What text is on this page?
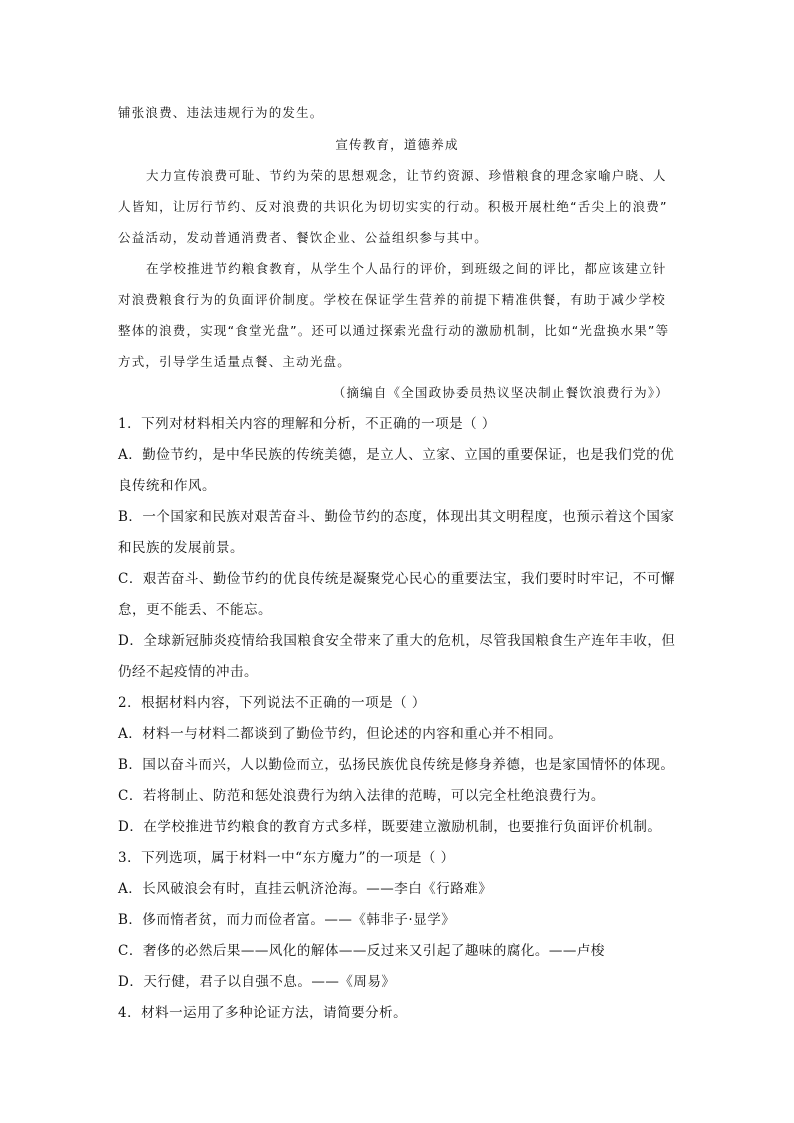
铺张浪费、违法违规行为的发生。
宣传教育，道德养成
大力宣传浪费可耻、节约为荣的思想观念，让节约资源、珍惜粮食的理念家喻户晓、人
人皆知，让厉行节约、反对浪费的共识化为切切实实的行动。积极开展杜绝“舌尖上的浪费”
公益活动，发动普通消费者、餐饮企业、公益组织参与其中。
在学校推进节约粮食教育，从学生个人品行的评价，到班级之间的评比，都应该建立针
对浪费粮食行为的负面评价制度。学校在保证学生营养的前提下精准供餐，有助于减少学校
整体的浪费，实现“食堂光盘”。还可以通过探索光盘行动的激励机制，比如“光盘换水果”等
方式，引导学生适量点餐、主动光盘。
（摘编自《全国政协委员热议坚决制止餐饮浪费行为》）
1．下列对材料相关内容的理解和分析，不正确的一项是（ ）
A．勤俭节约，是中华民族的传统美德，是立人、立家、立国的重要保证，也是我们党的优
良传统和作风。
B．一个国家和民族对艰苦奋斗、勤俭节约的态度，体现出其文明程度，也预示着这个国家
和民族的发展前景。
C．艰苦奋斗、勤俭节约的优良传统是凝聚党心民心的重要法宝，我们要时时牢记，不可懈
怠，更不能丢、不能忘。
D．全球新冠肺炎疫情给我国粮食安全带来了重大的危机，尽管我国粮食生产连年丰收，但
仍经不起疫情的冲击。
2．根据材料内容，下列说法不正确的一项是（ ）
A．材料一与材料二都谈到了勤俭节约，但论述的内容和重心并不相同。
B．国以奋斗而兴，人以勤俭而立，弘扬民族优良传统是修身养德，也是家国情怀的体现。
C．若将制止、防范和惩处浪费行为纳入法律的范畴，可以完全杜绝浪费行为。
D．在学校推进节约粮食的教育方式多样，既要建立激励机制，也要推行负面评价机制。
3．下列选项，属于材料一中“东方魔力”的一项是（ ）
A．长风破浪会有时，直挂云帆济沧海。——李白《行路难》
B．侈而惰者贫，而力而俭者富。——《韩非子·显学》
C．奢侈的必然后果——风化的解体——反过来又引起了趣味的腐化。——卢梭
D．天行健，君子以自强不息。——《周易》
4．材料一运用了多种论证方法，请简要分析。
